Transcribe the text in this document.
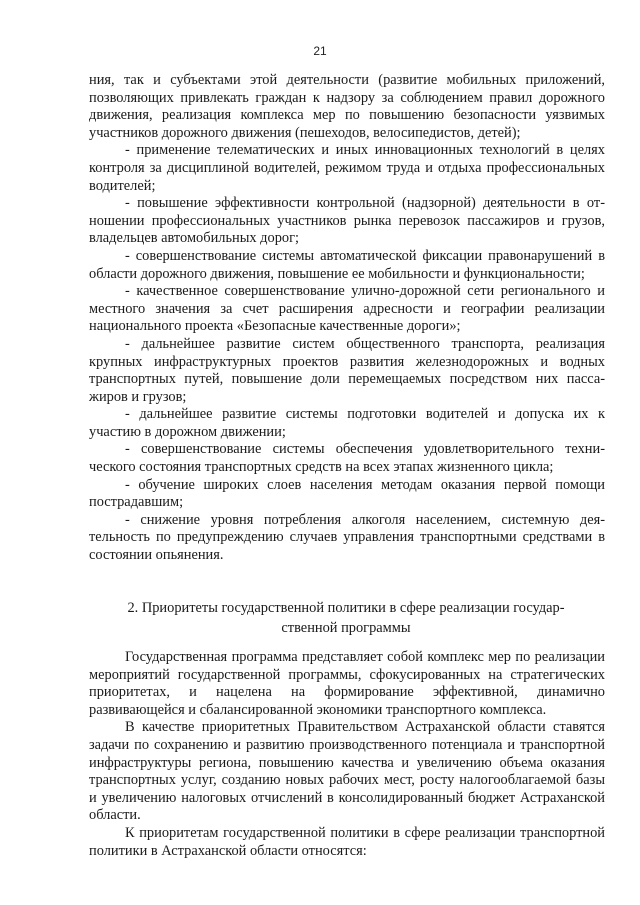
21

ния, так и субъектами этой деятельности (развитие мобильных приложений, позволяющих привлекать граждан к надзору за соблюдением правил дорожного движения, реализация комплекса мер по повышению безопасности уязвимых участников дорожного движения (пешеходов, велосипедистов, детей);

- применение телематических и иных инновационных технологий в целях контроля за дисциплиной водителей, режимом труда и отдыха профессиональных водителей;

- повышение эффективности контрольной (надзорной) деятельности в отношении профессиональных участников рынка перевозок пассажиров и грузов, владельцев автомобильных дорог;

- совершенствование системы автоматической фиксации правонарушений в области дорожного движения, повышение ее мобильности и функциональности;

- качественное совершенствование улично-дорожной сети регионального и местного значения за счет расширения адресности и географии реализации национального проекта «Безопасные качественные дороги»;

- дальнейшее развитие систем общественного транспорта, реализация крупных инфраструктурных проектов развития железнодорожных и водных транспортных путей, повышение доли перемещаемых посредством них пассажиров и грузов;

- дальнейшее развитие системы подготовки водителей и допуска их к участию в дорожном движении;

- совершенствование системы обеспечения удовлетворительного технического состояния транспортных средств на всех этапах жизненного цикла;

- обучение широких слоев населения методам оказания первой помощи пострадавшим;

- снижение уровня потребления алкоголя населением, системную деятельность по предупреждению случаев управления транспортными средствами в состоянии опьянения.

2. Приоритеты государственной политики в сфере реализации государственной программы

Государственная программа представляет собой комплекс мер по реализации мероприятий государственной программы, сфокусированных на стратегических приоритетах, и нацелена на формирование эффективной, динамично развивающейся и сбалансированной экономики транспортного комплекса.

В качестве приоритетных Правительством Астраханской области ставятся задачи по сохранению и развитию производственного потенциала и транспортной инфраструктуры региона, повышению качества и увеличению объема оказания транспортных услуг, созданию новых рабочих мест, росту налогооблагаемой базы и увеличению налоговых отчислений в консолидированный бюджет Астраханской области.

К приоритетам государственной политики в сфере реализации транспортной политики в Астраханской области относятся:
